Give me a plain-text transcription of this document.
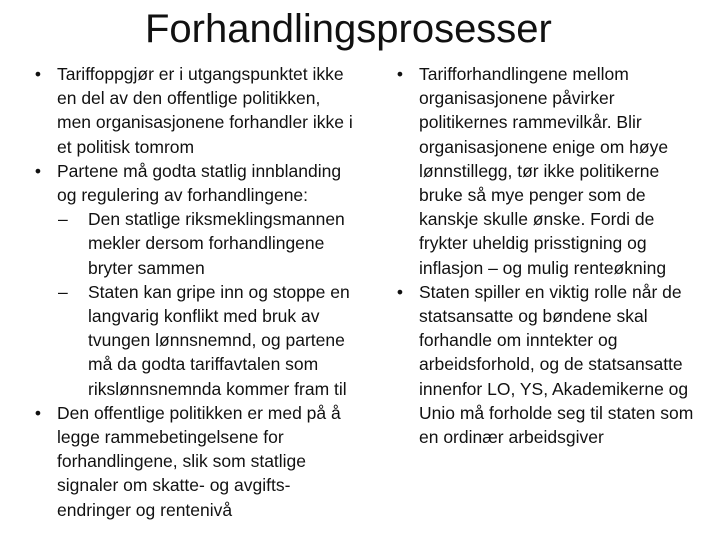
Forhandlingsprosesser
• Tariffoppgjør er i utgangspunktet ikke
en del av den offentlige politikken,
men organisasjonene forhandler ikke i
et politisk tomrom
• Partene må godta statlig innblanding
og regulering av forhandlingene:
– Den statlige riksmeklingsmannen
mekler dersom forhandlingene
bryter sammen
– Staten kan gripe inn og stoppe en
langvarig konflikt med bruk av
tvungen lønnsnemnd, og partene
må da godta tariffavtalen som
rikslønnsnemnda kommer fram til
• Den offentlige politikken er med på å
legge rammebetingelsene for
forhandlingene, slik som statlige
signaler om skatte- og avgifts-
endringer og rentenivå
• Tarifforhandlingene mellom
organisasjonene påvirker
politikernes rammevilkår. Blir
organisasjonene enige om høye
lønnstillegg, tør ikke politikerne
bruke så mye penger som de
kanskje skulle ønske. Fordi de
frykter uheldig prisstigning og
inflasjon – og mulig renteøkning
• Staten spiller en viktig rolle når de
statsansatte og bøndene skal
forhandle om inntekter og
arbeidsforhold, og de statsansatte
innenfor LO, YS, Akademikerne og
Unio må forholde seg til staten som
en ordinær arbeidsgiver
